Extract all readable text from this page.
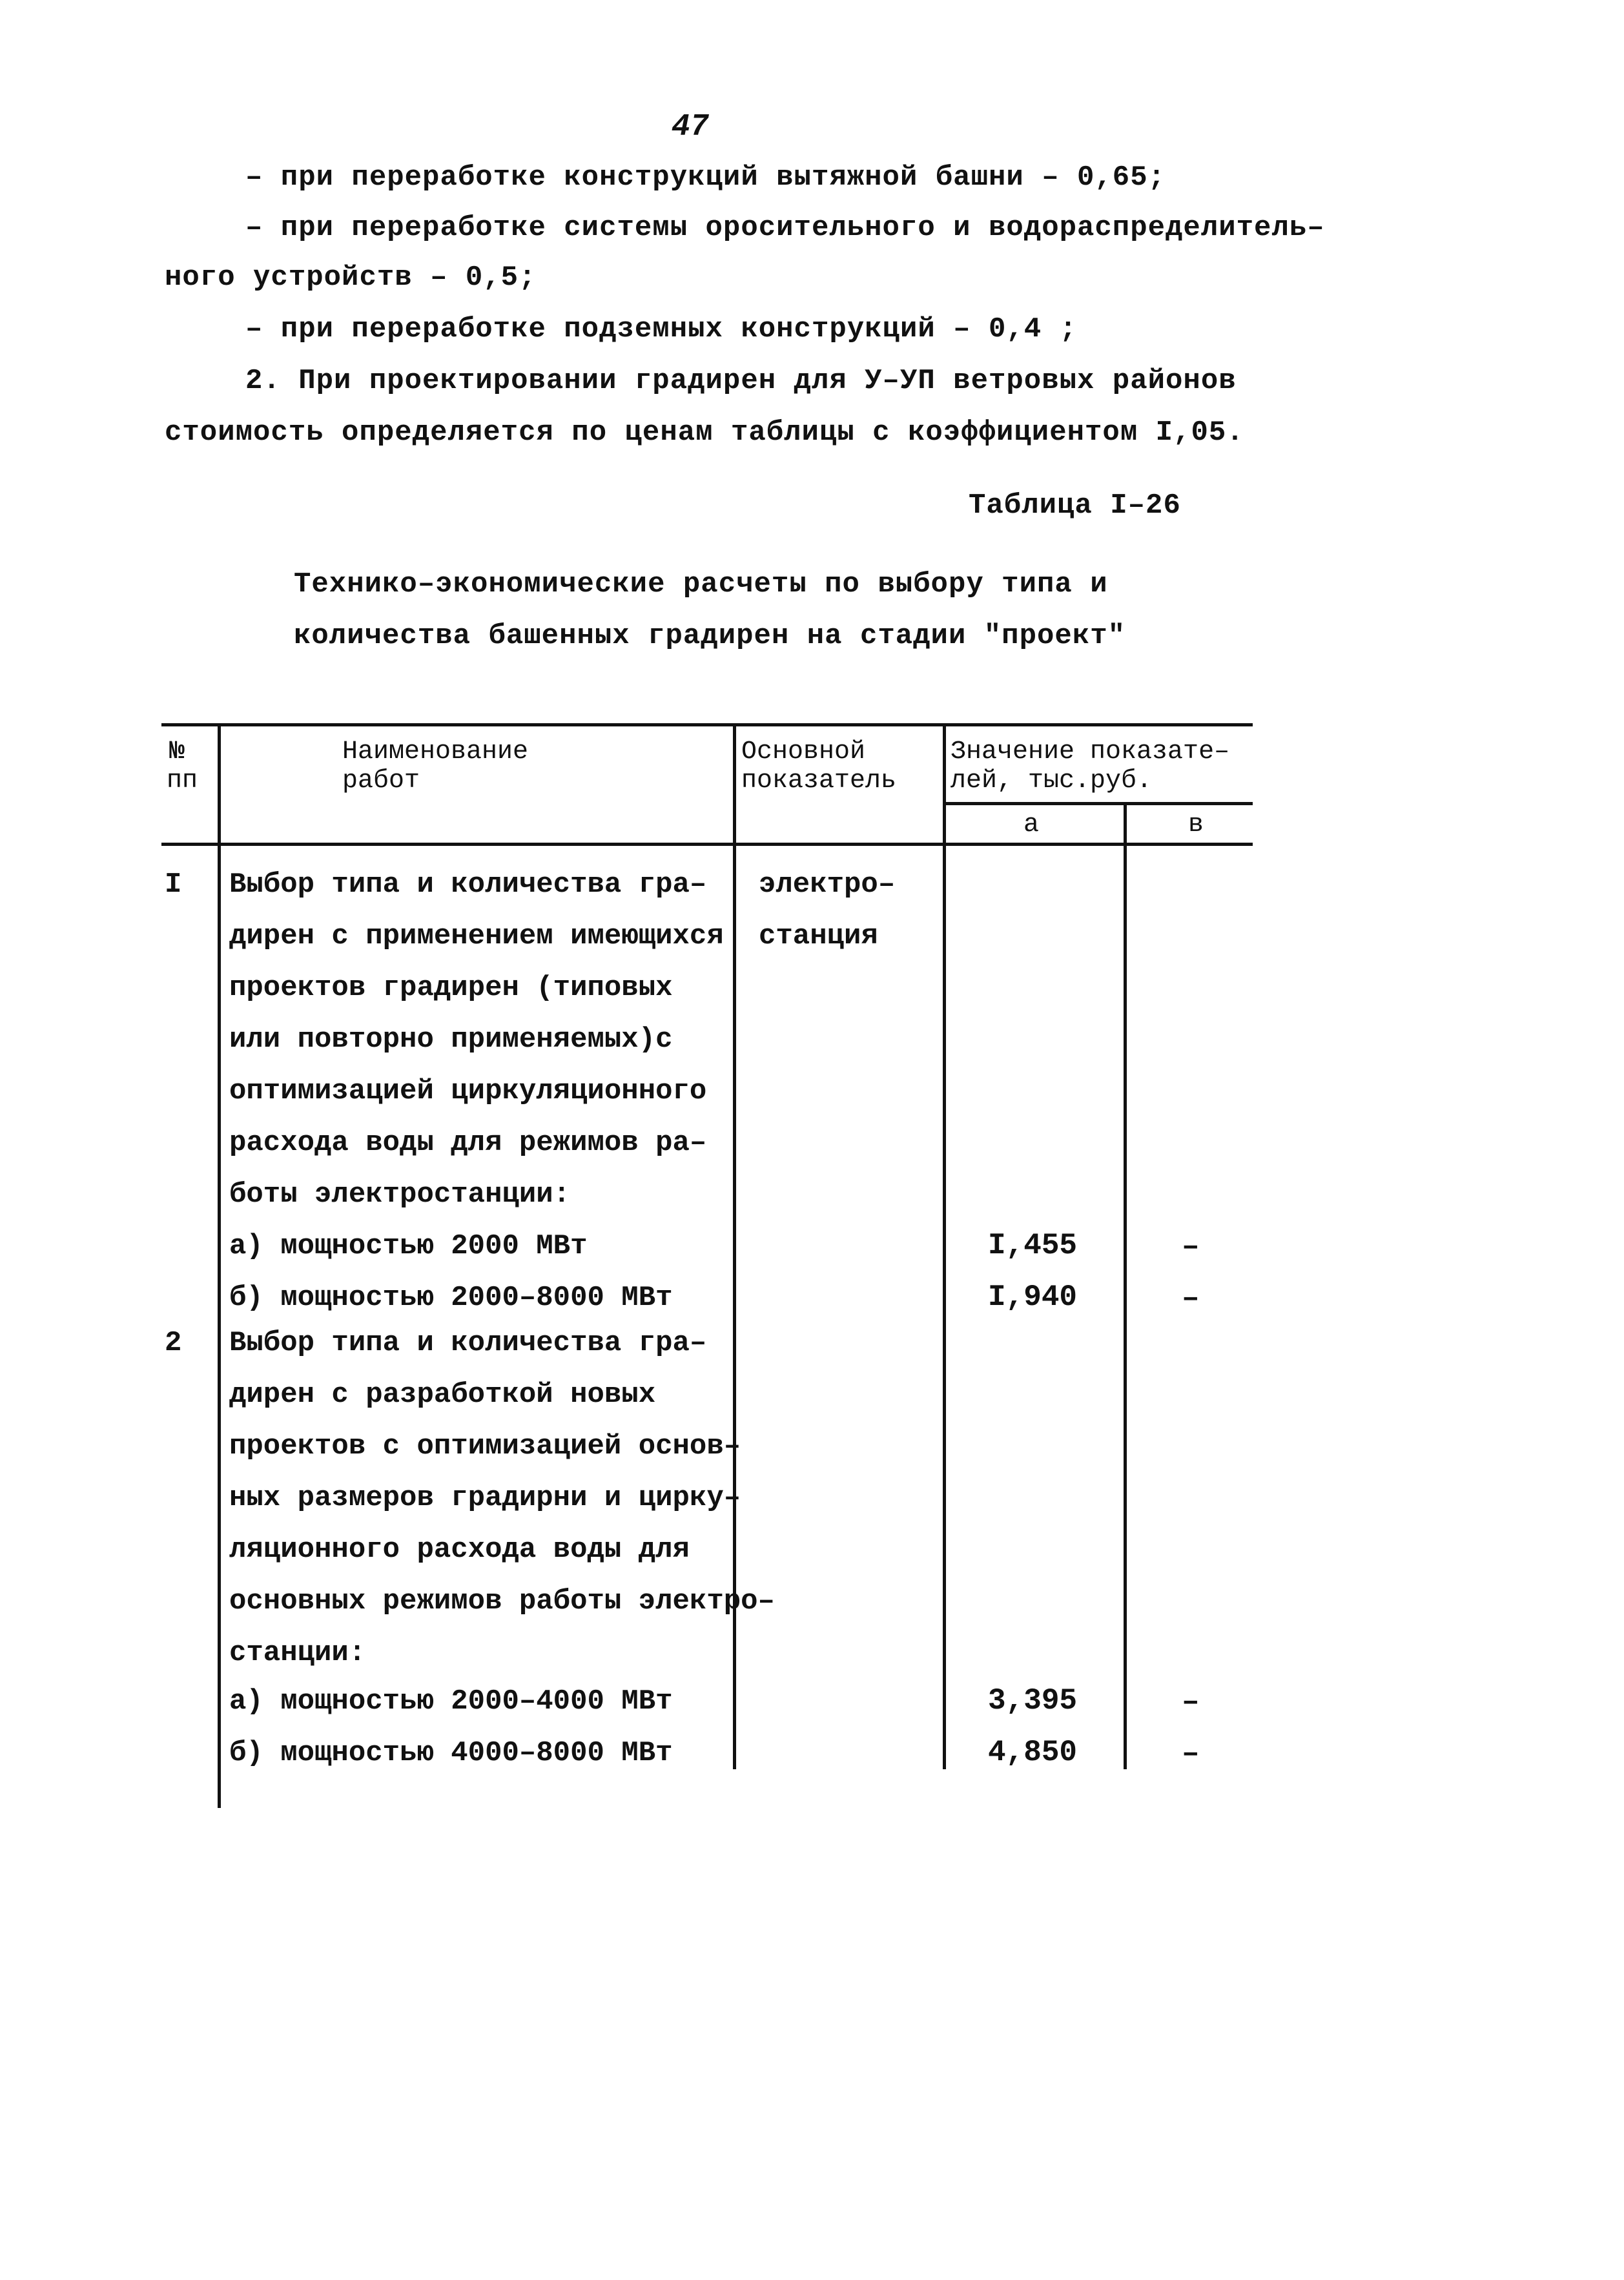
47
– при переработке конструкций вытяжной башни – 0,65;
– при переработке системы оросительного и водораспределитель–
ного устройств – 0,5;
– при переработке подземных конструкций – 0,4 ;
2. При проектировании градирен для У–УП ветровых районов
стоимость определяется по ценам таблицы с коэффициентом I,05.
Таблица I–26
Технико–экономические расчеты по выбору типа и
количества башенных градирен на стадии "проект"
№
пп
Наименование
работ
Основной
показатель
Значение показате–
лей, тыс.руб.
а	в
I Выбор типа и количества гра–
дирен с применением имеющихся
проектов градирен (типовых
или повторно применяемых)с
оптимизацией циркуляционного
расхода воды для режимов ра–
боты электростанции:
а) мощностью 2000 МВт
б) мощностью 2000–8000 МВт
электро–
станция
I,455
I,940
–
–
2 Выбор типа и количества гра–
дирен с разработкой новых
проектов с оптимизацией основ–
ных размеров градирни и цирку–
ляционного расхода воды для
основных режимов работы электро–
станции:
а) мощностью 2000–4000 МВт
б) мощностью 4000–8000 МВт
3,395
4,850
–
–
